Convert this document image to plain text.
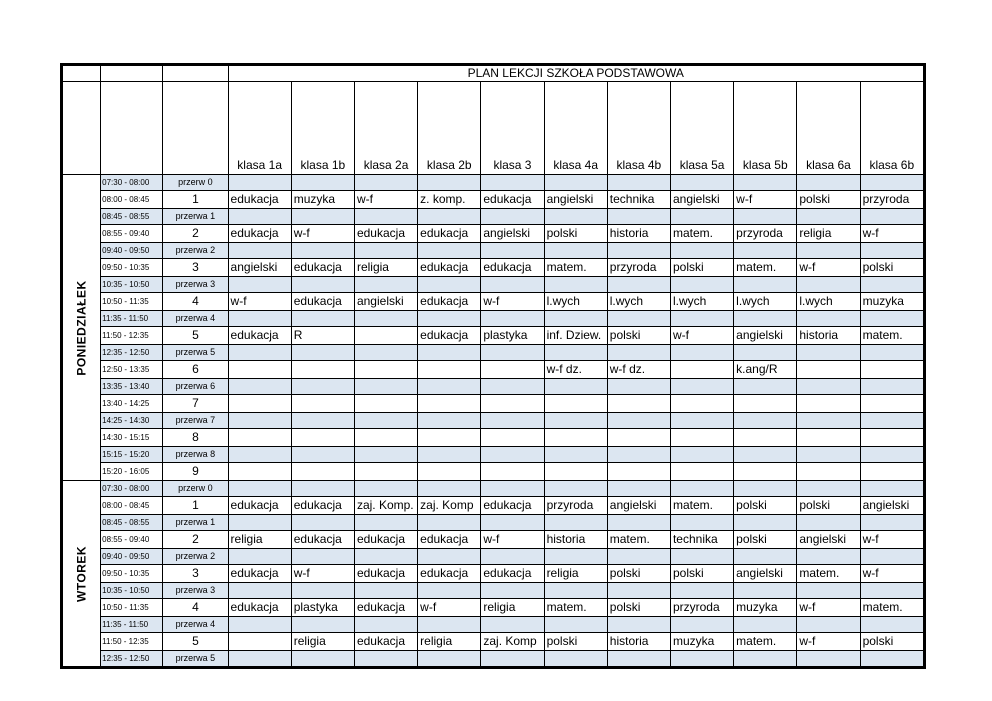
			PLAN LEKCJI SZKOŁA PODSTAWOWA										
			klasa 1a	klasa 1b	klasa 2a	klasa 2b	klasa 3	klasa 4a	klasa 4b	klasa 5a	klasa 5b	klasa 6a	klasa 6b

PONIEDZIAŁEK	07:30 - 08:00	przerw 0											
	08:00 - 08:45	1	edukacja	muzyka	w-f	z. komp.	edukacja	angielski	technika	angielski	w-f	polski	przyroda
	08:45 - 08:55	przerwa 1											
	08:55 - 09:40	2	edukacja	w-f	edukacja	edukacja	angielski	polski	historia	matem.	przyroda	religia	w-f
	09:40 - 09:50	przerwa 2											
	09:50 - 10:35	3	angielski	edukacja	religia	edukacja	edukacja	matem.	przyroda	polski	matem.	w-f	polski
	10:35 - 10:50	przerwa 3											
	10:50 - 11:35	4	w-f	edukacja	angielski	edukacja	w-f	l.wych	l.wych	l.wych	l.wych	l.wych	muzyka
	11:35 - 11:50	przerwa 4											
	11:50 - 12:35	5	edukacja	R		edukacja	plastyka	inf. Dziew.	polski	w-f	angielski	historia	matem.
	12:35 - 12:50	przerwa 5											
	12:50 - 13:35	6						w-f dz.	w-f dz.		k.ang/R		
	13:35 - 13:40	przerwa 6											
	13:40 - 14:25	7											
	14:25 - 14:30	przerwa 7											
	14:30 - 15:15	8											
	15:15 - 15:20	przerwa 8											
	15:20 - 16:05	9											

WTOREK	07:30 - 08:00	przerw 0											
	08:00 - 08:45	1	edukacja	edukacja	zaj. Komp.	zaj. Komp	edukacja	przyroda	angielski	matem.	polski	polski	angielski
	08:45 - 08:55	przerwa 1											
	08:55 - 09:40	2	religia	edukacja	edukacja	edukacja	w-f	historia	matem.	technika	polski	angielski	w-f
	09:40 - 09:50	przerwa 2											
	09:50 - 10:35	3	edukacja	w-f	edukacja	edukacja	edukacja	religia	polski	polski	angielski	matem.	w-f
	10:35 - 10:50	przerwa 3											
	10:50 - 11:35	4	edukacja	plastyka	edukacja	w-f	religia	matem.	polski	przyroda	muzyka	w-f	matem.
	11:35 - 11:50	przerwa 4											
	11:50 - 12:35	5		religia	edukacja	religia	zaj. Komp	polski	historia	muzyka	matem.	w-f	polski
	12:35 - 12:50	przerwa 5											
